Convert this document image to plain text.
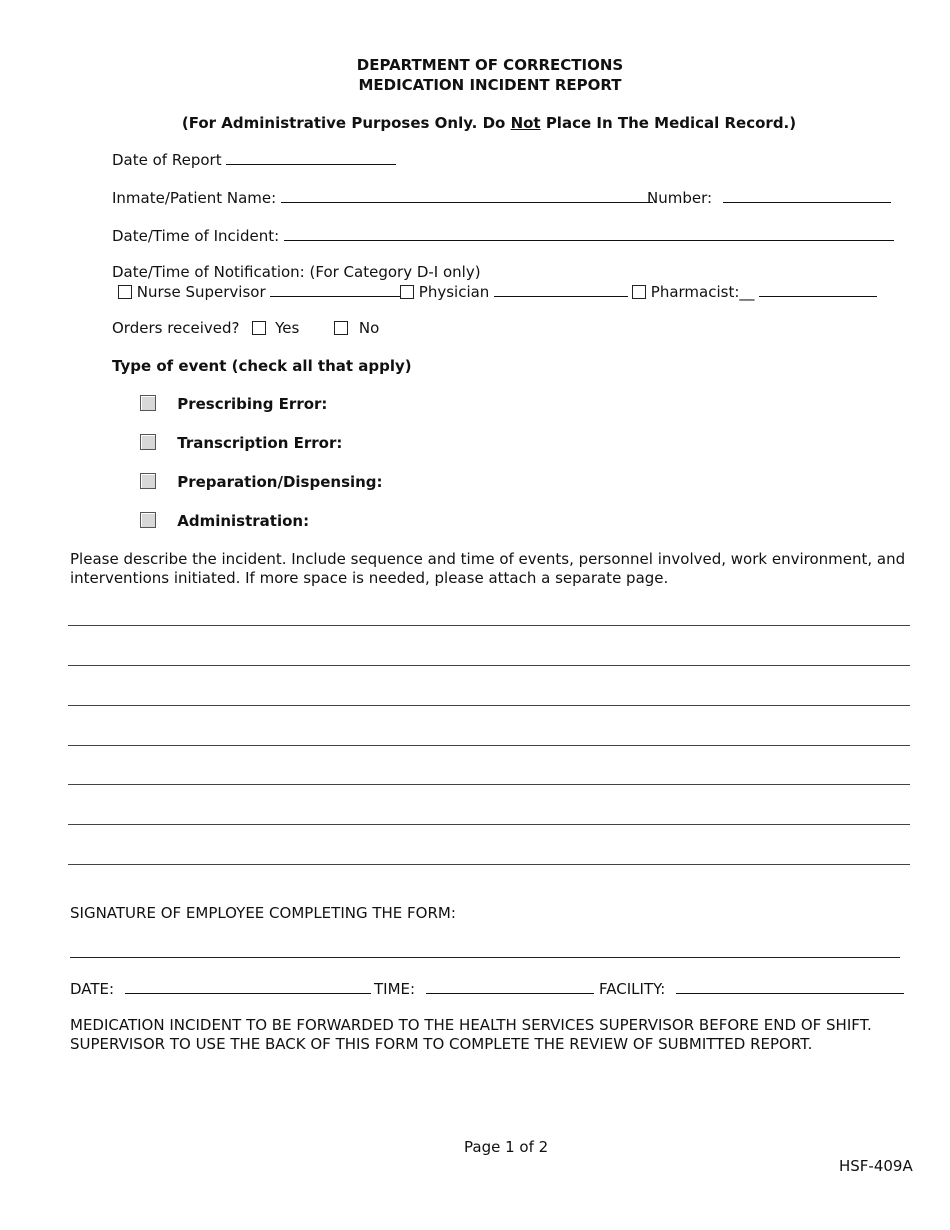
DEPARTMENT OF CORRECTIONS
MEDICATION INCIDENT REPORT
(For Administrative Purposes Only. Do Not Place In The Medical Record.)
Date of Report
Inmate/Patient Name:	Number:
Date/Time of Incident:
Date/Time of Notification: (For Category D-I only)
Nurse Supervisor	Physician	Pharmacist:__
Orders received? Yes	No
Type of event (check all that apply)
Prescribing Error:
Transcription Error:
Preparation/Dispensing:
Administration:
Please describe the incident. Include sequence and time of events, personnel involved, work environment, and
interventions initiated. If more space is needed, please attach a separate page.
SIGNATURE OF EMPLOYEE COMPLETING THE FORM:
DATE:	TIME:	FACILITY:
MEDICATION INCIDENT TO BE FORWARDED TO THE HEALTH SERVICES SUPERVISOR BEFORE END OF SHIFT.
SUPERVISOR TO USE THE BACK OF THIS FORM TO COMPLETE THE REVIEW OF SUBMITTED REPORT.
Page 1 of 2
HSF-409A
